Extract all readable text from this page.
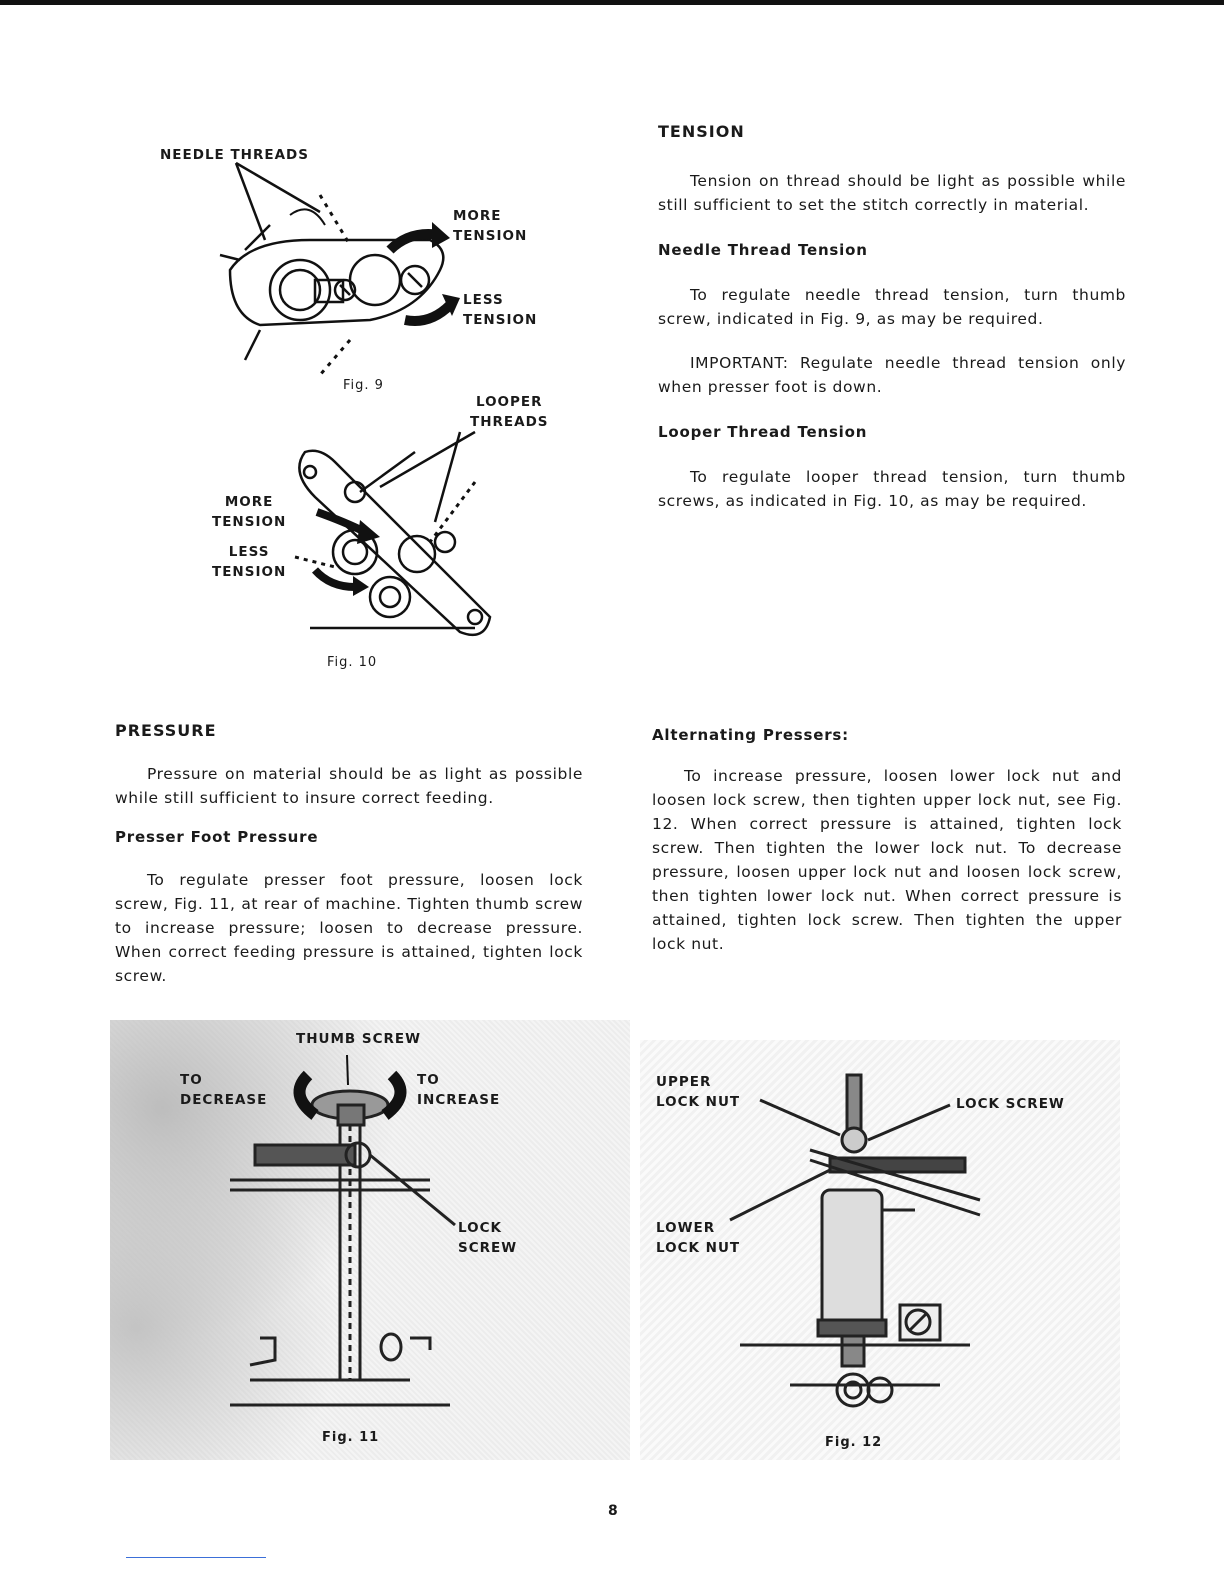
NEEDLE THREADS
MORE
TENSION
LESS
TENSION
Fig. 9
LOOPER
THREADS
MORE
TENSION
LESS
TENSION
Fig. 10
TENSION

Tension on thread should be light as possible while still sufficient to set the stitch correctly in material.

Needle Thread Tension

To regulate needle thread tension, turn thumb screw, indicated in Fig. 9, as may be required.

IMPORTANT: Regulate needle thread tension only when presser foot is down.

Looper Thread Tension

To regulate looper thread tension, turn thumb screws, as indicated in Fig. 10, as may be required.

PRESSURE

Pressure on material should be as light as possible while still sufficient to insure correct feeding.

Presser Foot Pressure

To regulate presser foot pressure, loosen lock screw, Fig. 11, at rear of machine. Tighten thumb screw to increase pressure; loosen to decrease pressure. When correct feeding pressure is attained, tighten lock screw.

Alternating Pressers:

To increase pressure, loosen lower lock nut and loosen lock screw, then tighten upper lock nut, see Fig. 12. When correct pressure is attained, tighten lock screw. Then tighten the lower lock nut. To decrease pressure, loosen upper lock nut and loosen lock screw, then tighten lower lock nut. When correct pressure is attained, tighten lock screw. Then tighten the upper lock nut.

THUMB SCREW
TO
DECREASE
TO
INCREASE
LOCK
SCREW
Fig. 11
UPPER
LOCK NUT	LOCK SCREW
LOWER
LOCK NUT
Fig. 12
8
